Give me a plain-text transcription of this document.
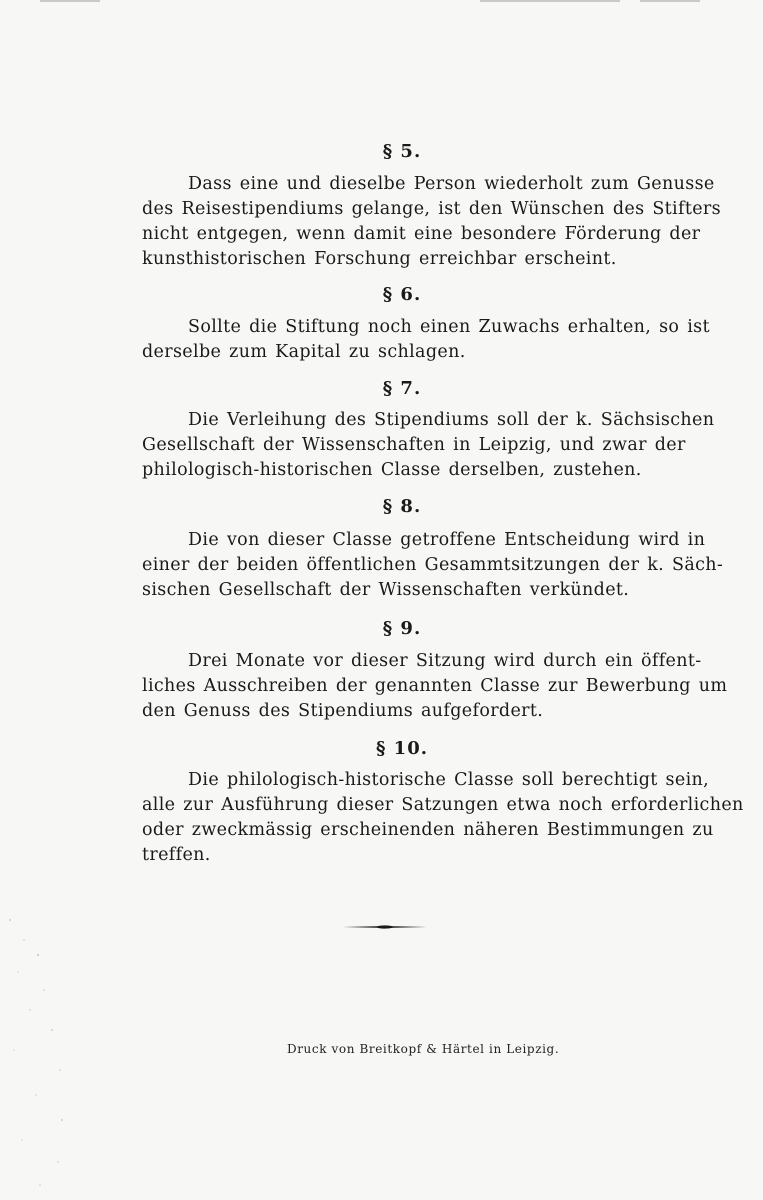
§ 5.

Dass eine und dieselbe Person wiederholt zum Genusse
des Reisestipendiums gelange, ist den Wünschen des Stifters
nicht entgegen, wenn damit eine besondere Förderung der
kunsthistorischen Forschung erreichbar erscheint.

§ 6.

Sollte die Stiftung noch einen Zuwachs erhalten, so ist
derselbe zum Kapital zu schlagen.

§ 7.

Die Verleihung des Stipendiums soll der k. Sächsischen
Gesellschaft der Wissenschaften in Leipzig, und zwar der
philologisch-historischen Classe derselben, zustehen.

§ 8.

Die von dieser Classe getroffene Entscheidung wird in
einer der beiden öffentlichen Gesammtsitzungen der k. Säch-
sischen Gesellschaft der Wissenschaften verkündet.

§ 9.

Drei Monate vor dieser Sitzung wird durch ein öffent-
liches Ausschreiben der genannten Classe zur Bewerbung um
den Genuss des Stipendiums aufgefordert.

§ 10.

Die philologisch-historische Classe soll berechtigt sein,
alle zur Ausführung dieser Satzungen etwa noch erforderlichen
oder zweckmässig erscheinenden näheren Bestimmungen zu
treffen.

Druck von Breitkopf & Härtel in Leipzig.
